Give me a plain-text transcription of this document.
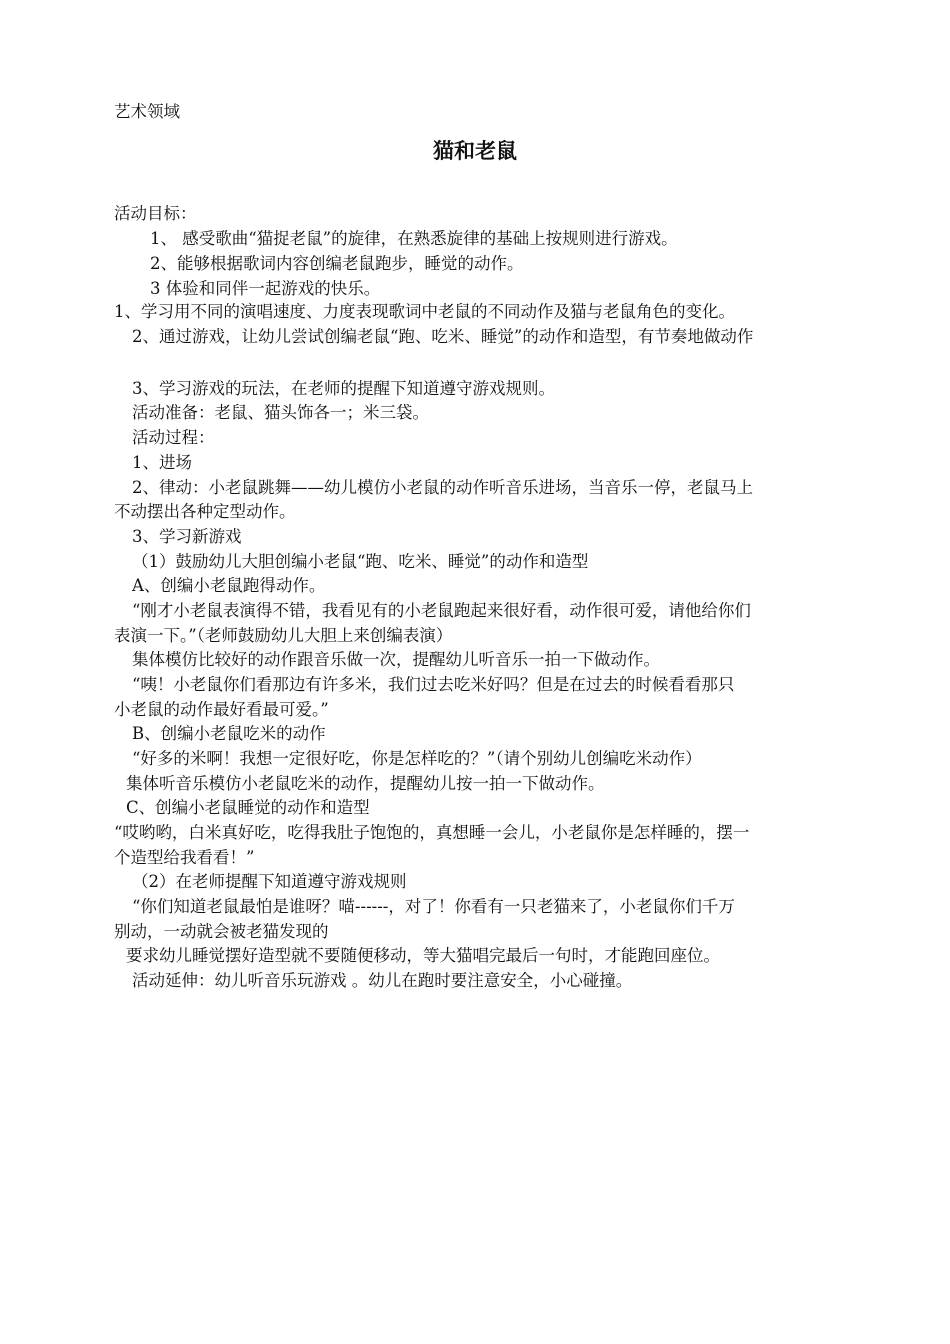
艺术领域
猫和老鼠
活动目标：
1、 感受歌曲“猫捉老鼠”的旋律，在熟悉旋律的基础上按规则进行游戏。
2、能够根据歌词内容创编老鼠跑步，睡觉的动作。
3 体验和同伴一起游戏的快乐。
1、学习用不同的演唱速度、力度表现歌词中老鼠的不同动作及猫与老鼠角色的变化。
2、通过游戏，让幼儿尝试创编老鼠“跑、吃米、睡觉”的动作和造型，有节奏地做动作
3、学习游戏的玩法，在老师的提醒下知道遵守游戏规则。
活动准备：老鼠、猫头饰各一；米三袋。
活动过程：
1、进场
2、律动：小老鼠跳舞——幼儿模仿小老鼠的动作听音乐进场，当音乐一停，老鼠马上
不动摆出各种定型动作。
3、学习新游戏
（1）鼓励幼儿大胆创编小老鼠“跑、吃米、睡觉”的动作和造型
A、创编小老鼠跑得动作。
“刚才小老鼠表演得不错，我看见有的小老鼠跑起来很好看，动作很可爱，请他给你们
表演一下。”（老师鼓励幼儿大胆上来创编表演）
集体模仿比较好的动作跟音乐做一次，提醒幼儿听音乐一拍一下做动作。
“咦！小老鼠你们看那边有许多米，我们过去吃米好吗？但是在过去的时候看看那只
小老鼠的动作最好看最可爱。”
B、创编小老鼠吃米的动作
“好多的米啊！我想一定很好吃，你是怎样吃的？”（请个别幼儿创编吃米动作）
集体听音乐模仿小老鼠吃米的动作，提醒幼儿按一拍一下做动作。
C、创编小老鼠睡觉的动作和造型
“哎哟哟，白米真好吃，吃得我肚子饱饱的，真想睡一会儿，小老鼠你是怎样睡的，摆一
个造型给我看看！”
（2）在老师提醒下知道遵守游戏规则
“你们知道老鼠最怕是谁呀？喵------，对了！你看有一只老猫来了，小老鼠你们千万
别动，一动就会被老猫发现的
要求幼儿睡觉摆好造型就不要随便移动，等大猫唱完最后一句时，才能跑回座位。
活动延伸：幼儿听音乐玩游戏 。幼儿在跑时要注意安全，小心碰撞。
